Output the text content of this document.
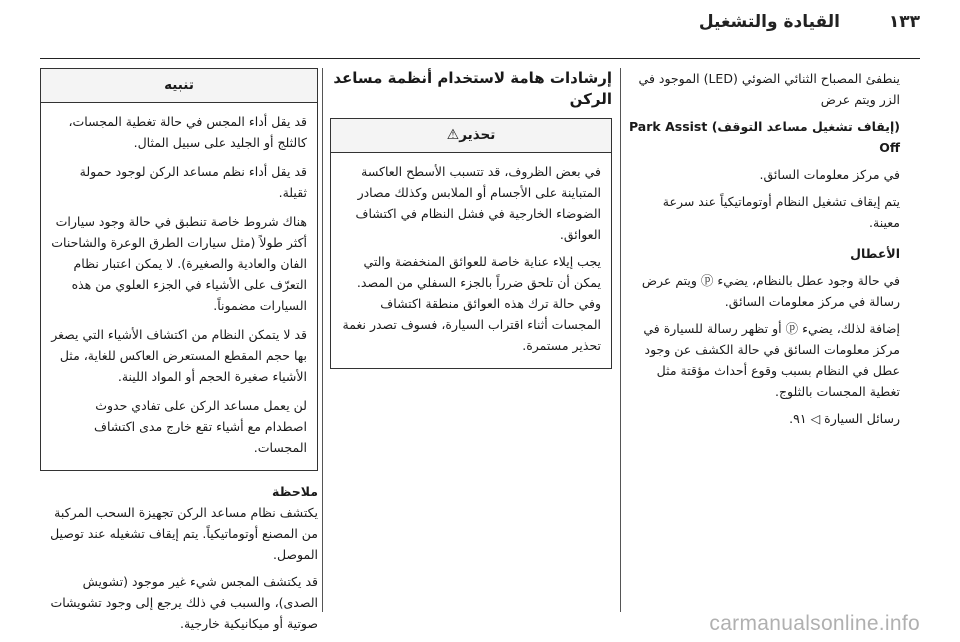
١٣٣
القيادة والتشغيل

ينطفئ المصباح الثنائي الضوئي (LED) الموجود في الزر ويتم عرض

(إيقاف تشغيل مساعد التوقف) Park Assist Off

في مركز معلومات السائق.

يتم إيقاف تشغيل النظام أوتوماتيكياً عند سرعة معينة.

الأعطال

في حالة وجود عطل بالنظام، يضيء ⓟ ويتم عرض رسالة في مركز معلومات السائق.

إضافة لذلك، يضيء ⓟ أو تظهر رسالة للسيارة في مركز معلومات السائق في حالة الكشف عن وجود عطل في النظام بسبب وقوع أحداث مؤقتة مثل تغطية المجسات بالثلوج.

رسائل السيارة ◁ ٩١.

إرشادات هامة لاستخدام أنظمة مساعد الركن

تحذير⚠

في بعض الظروف، قد تتسبب الأسطح العاكسة المتباينة على الأجسام أو الملابس وكذلك مصادر الضوضاء الخارجية في فشل النظام في اكتشاف العوائق.

يجب إيلاء عناية خاصة للعوائق المنخفضة والتي يمكن أن تلحق ضرراً بالجزء السفلي من المصد. وفي حالة ترك هذه العوائق منطقة اكتشاف المجسات أثناء اقتراب السيارة، فسوف تصدر نغمة تحذير مستمرة.

تنبيه

قد يقل أداء المجس في حالة تغطية المجسات، كالثلج أو الجليد على سبيل المثال.

قد يقل أداء نظم مساعد الركن لوجود حمولة ثقيلة.

هناك شروط خاصة تنطبق في حالة وجود سيارات أكثر طولاً (مثل سيارات الطرق الوعرة والشاحنات الفان والعادية والصغيرة). لا يمكن اعتبار نظام التعرّف على الأشياء في الجزء العلوي من هذه السيارات مضموناً.

قد لا يتمكن النظام من اكتشاف الأشياء التي يصغر بها حجم المقطع المستعرض العاكس للغاية، مثل الأشياء صغيرة الحجم أو المواد اللينة.

لن يعمل مساعد الركن على تفادي حدوث اصطدام مع أشياء تقع خارج مدى اكتشاف المجسات.

ملاحظة

يكتشف نظام مساعد الركن تجهيزة السحب المركبة من المصنع أوتوماتيكياً. يتم إيقاف تشغيله عند توصيل الموصل.

قد يكتشف المجس شيء غير موجود (تشويش الصدى)، والسبب في ذلك يرجع إلى وجود تشويشات صوتية أو ميكانيكية خارجية.	carmanualsonline.info
